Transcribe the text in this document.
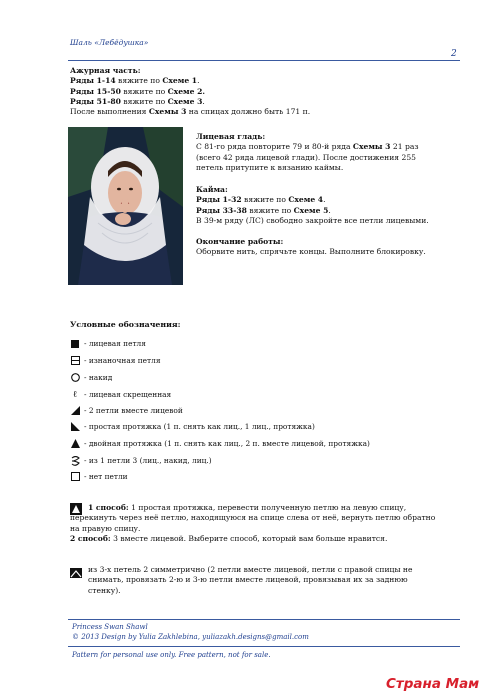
Шаль «Лебёдушка»
2
Ажурная часть:
Ряды 1-14 вяжите по Схеме 1.
Ряды 15-50 вяжите по Схеме 2.
Ряды 51-80 вяжите по Схеме 3.
После выполнения Схемы 3 на спицах должно быть 171 п.
Лицевая гладь:
С 81-го ряда повторите 79 и 80-й ряда Схемы 3 21 раз
(всего 42 ряда лицевой глади). После достижения 255
петель притупите к вязанию каймы.
Кайма:
Ряды 1-32 вяжите по Схеме 4.
Ряды 33-38 вяжите по Схеме 5.
В 39-м ряду (ЛС) свободно закройте все петли лицевыми.
Окончание работы:
Оборвите нить, спрячьте концы. Выполните блокировку.
Условные обозначения:
- лицевая петля
- изнаночная петля
- накид
ℓ - лицевая скрещенная
- 2 петли вместе лицевой
- простая протяжка (1 п. снять как лиц., 1 лиц., протяжка)
- двойная протяжка (1 п. снять как лиц., 2 п. вместе лицевой, протяжка)
- из 1 петли 3 (лиц., накид, лиц.)
- нет петли
1 способ: 1 простая протяжка, перевести полученную петлю на левую спицу,
перекинуть через неё петлю, находящуюся на спице слева от неё, вернуть петлю обратно
на правую спицу.
2 способ: 3 вместе лицевой. Выберите способ, который вам больше нравится.
из 3-х петель 2 симметрично (2 петли вместе лицевой, петли с правой спицы не
снимать, провязать 2-ю и 3-ю петли вместе лицевой, провязывая их за заднюю
стенку).
Princess Swan Shawl
© 2013 Design by Yulia Zakhlebina, yuliazakh.designs@gmail.com
Pattern for personal use only. Free pattern, not for sale.
Страна Мам
